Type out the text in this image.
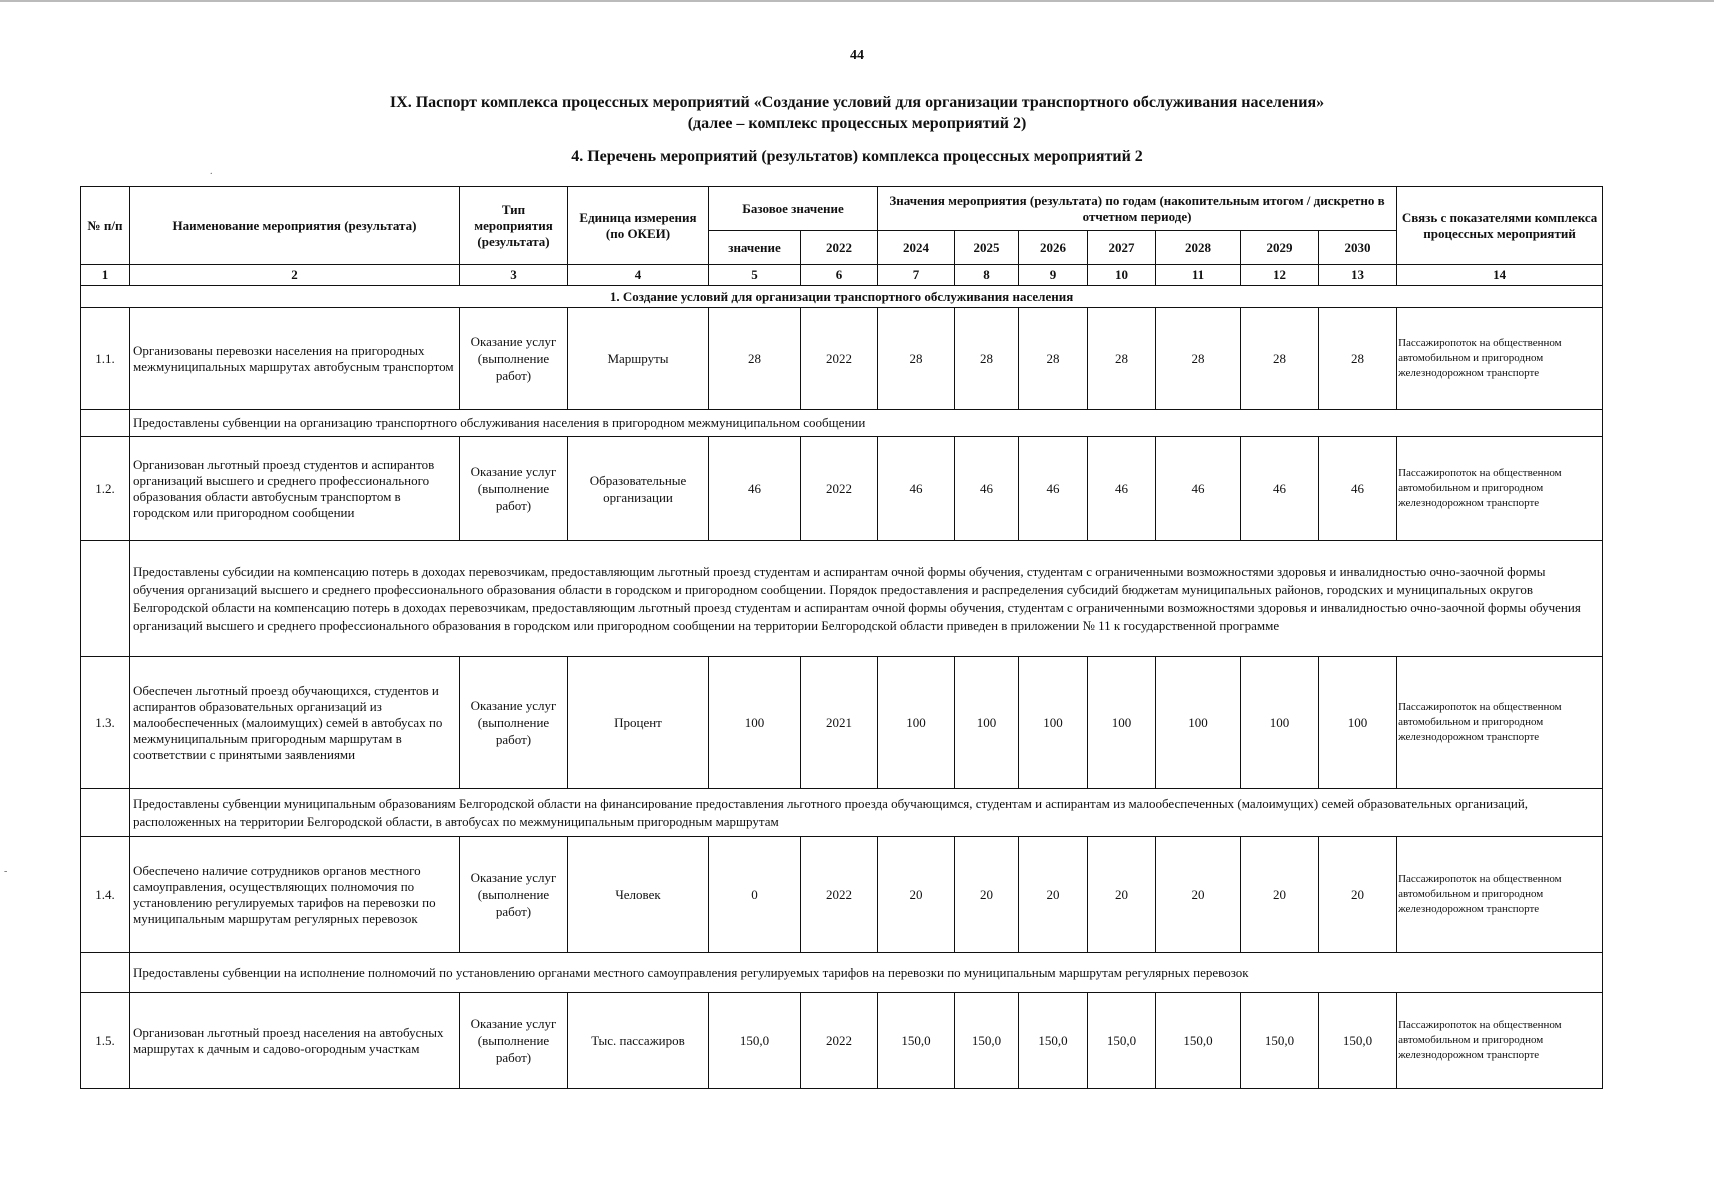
.
-
44
IX. Паспорт комплекса процессных мероприятий «Создание условий для организации транспортного обслуживания населения»
(далее – комплекс процессных мероприятий 2)
4. Перечень мероприятий (результатов) комплекса процессных мероприятий 2
№ п/п	Наименование мероприятия (результата)	Тип мероприятия (результата)	Единица измерения (по ОКЕИ)	Базовое значение		Значения мероприятия (результата) по годам (накопительным итогом / дискретно в отчетном периоде)							Связь с показателями комплекса процессных мероприятий
				значение	2022	2024	2025	2026	2027	2028	2029	2030	
1	2	3	4	5	6	7	8	9	10	11	12	13	14
1. Создание условий для организации транспортного обслуживания населения													
1.1.	Организованы перевозки населения на пригородных межмуниципальных маршрутах автобусным транспортом	Оказание услуг (выполнение работ)	Маршруты	28	2022	28	28	28	28	28	28	28	Пассажиропоток на общественном автомобильном и пригородном железнодорожном транспорте
	Предоставлены субвенции на организацию транспортного обслуживания населения в пригородном межмуниципальном сообщении												
1.2.	Организован льготный проезд студентов и аспирантов организаций высшего и среднего профессионального образования области автобусным транспортом в городском или пригородном сообщении	Оказание услуг (выполнение работ)	Образовательные организации	46	2022	46	46	46	46	46	46	46	Пассажиропоток на общественном автомобильном и пригородном железнодорожном транспорте
	Предоставлены субсидии на компенсацию потерь в доходах перевозчикам, предоставляющим льготный проезд студентам и аспирантам очной формы обучения, студентам с ограниченными возможностями здоровья и инвалидностью очно-заочной формы обучения организаций высшего и среднего профессионального образования области в городском и пригородном сообщении. Порядок предоставления и распределения субсидий бюджетам муниципальных районов, городских и муниципальных округов Белгородской области на компенсацию потерь в доходах перевозчикам, предоставляющим льготный проезд студентам и аспирантам очной формы обучения, студентам с ограниченными возможностями здоровья и инвалидностью очно-заочной формы обучения организаций высшего и среднего профессионального образования в городском или пригородном сообщении на территории Белгородской области приведен в приложении № 11 к государственной программе												
1.3.	Обеспечен льготный проезд обучающихся, студентов и аспирантов образовательных организаций из малообеспеченных (малоимущих) семей в автобусах по межмуниципальным пригородным маршрутам в соответствии с принятыми заявлениями	Оказание услуг (выполнение работ)	Процент	100	2021	100	100	100	100	100	100	100	Пассажиропоток на общественном автомобильном и пригородном железнодорожном транспорте
	Предоставлены субвенции муниципальным образованиям Белгородской области на финансирование предоставления льготного проезда обучающимся, студентам и аспирантам из малообеспеченных (малоимущих) семей образовательных организаций, расположенных на территории Белгородской области, в автобусах по межмуниципальным пригородным маршрутам												
1.4.	Обеспечено наличие сотрудников органов местного самоуправления, осуществляющих полномочия по установлению регулируемых тарифов на перевозки по муниципальным маршрутам регулярных перевозок	Оказание услуг (выполнение работ)	Человек	0	2022	20	20	20	20	20	20	20	Пассажиропоток на общественном автомобильном и пригородном железнодорожном транспорте
	Предоставлены субвенции на исполнение полномочий по установлению органами местного самоуправления регулируемых тарифов на перевозки по муниципальным маршрутам регулярных перевозок												
1.5.	Организован льготный проезд населения на автобусных маршрутах к дачным и садово-огородным участкам	Оказание услуг (выполнение работ)	Тыс. пассажиров	150,0	2022	150,0	150,0	150,0	150,0	150,0	150,0	150,0	Пассажиропоток на общественном автомобильном и пригородном железнодорожном транспорте
